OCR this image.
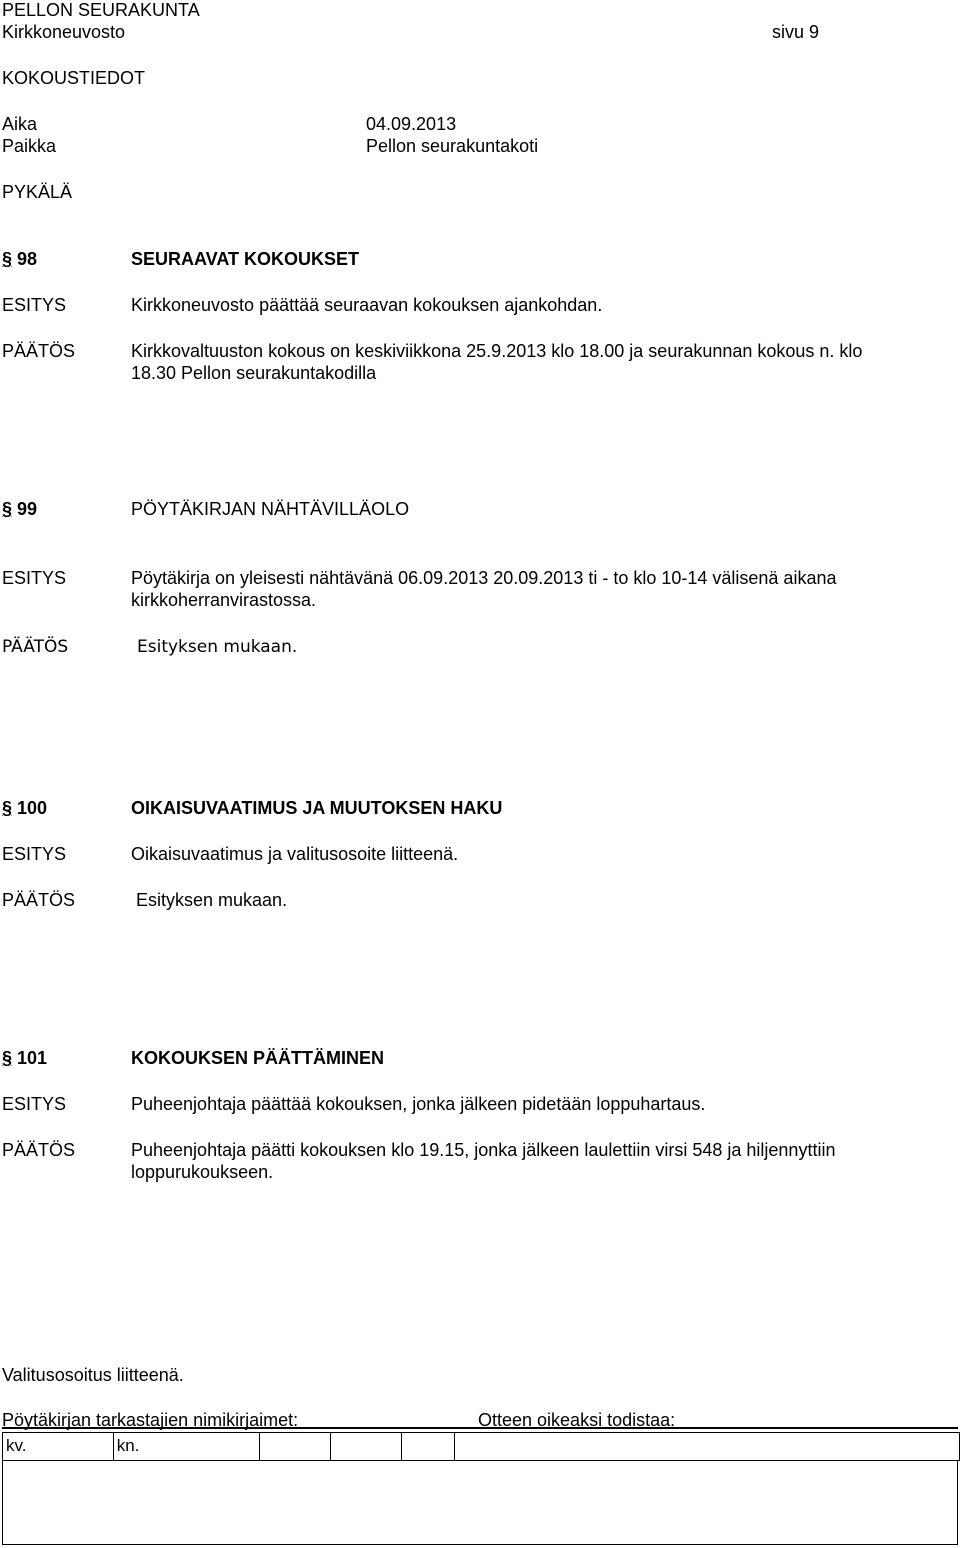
PELLON SEURAKUNTA
Kirkkoneuvosto	sivu 9
KOKOUSTIEDOT
Aika	04.09.2013
Paikka	Pellon seurakuntakoti
PYKÄLÄ
§ 98	SEURAAVAT KOKOUKSET
ESITYS	Kirkkoneuvosto päättää seuraavan kokouksen ajankohdan.
PÄÄTÖS	Kirkkovaltuuston kokous on keskiviikkona 25.9.2013 klo 18.00 ja seurakunnan kokous n. klo
18.30 Pellon seurakuntakodilla
§ 99	PÖYTÄKIRJAN NÄHTÄVILLÄOLO
ESITYS	Pöytäkirja on yleisesti nähtävänä 06.09.2013 20.09.2013 ti - to klo 10-14 välisenä aikana
kirkkoherranvirastossa.
PÄÄTÖS	Esityksen mukaan.
§ 100	OIKAISUVAATIMUS JA MUUTOKSEN HAKU
ESITYS	Oikaisuvaatimus ja valitusosoite liitteenä.
PÄÄTÖS	Esityksen mukaan.
§ 101	KOKOUKSEN PÄÄTTÄMINEN
ESITYS	Puheenjohtaja päättää kokouksen, jonka jälkeen pidetään loppuhartaus.
PÄÄTÖS	Puheenjohtaja päätti kokouksen klo 19.15, jonka jälkeen laulettiin virsi 548 ja hiljennyttiin
loppurukoukseen.
Valitusosoitus liitteenä.
Pöytäkirjan tarkastajien nimikirjaimet:	Otteen oikeaksi todistaa:
kv.	kn.				
